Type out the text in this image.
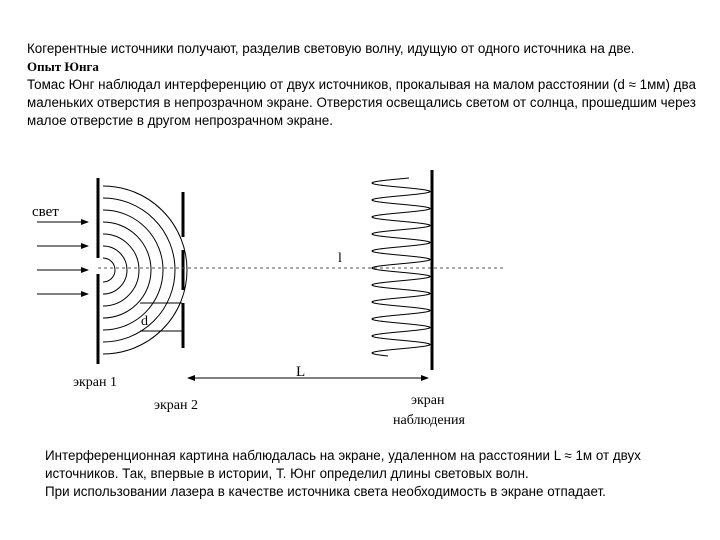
Когерентные источники получают, разделив световую волну, идущую от одного источника на две.

Опыт Юнга

Томас Юнг наблюдал интерференцию от двух источников, прокалывая на малом расстоянии (d ≈ 1мм) два маленьких отверстия в непрозрачном экране. Отверстия освещались светом от солнца, прошедшим через малое отверстие в другом непрозрачном экране.

свет
d
l
L
экран 1
экран 2	экран
наблюдения

Интерференционная картина наблюдалась на экране, удаленном на расстоянии L ≈ 1м от двух источников. Так, впервые в истории, Т. Юнг определил длины световых волн.

При использовании лазера в качестве источника света необходимость в экране отпадает.
